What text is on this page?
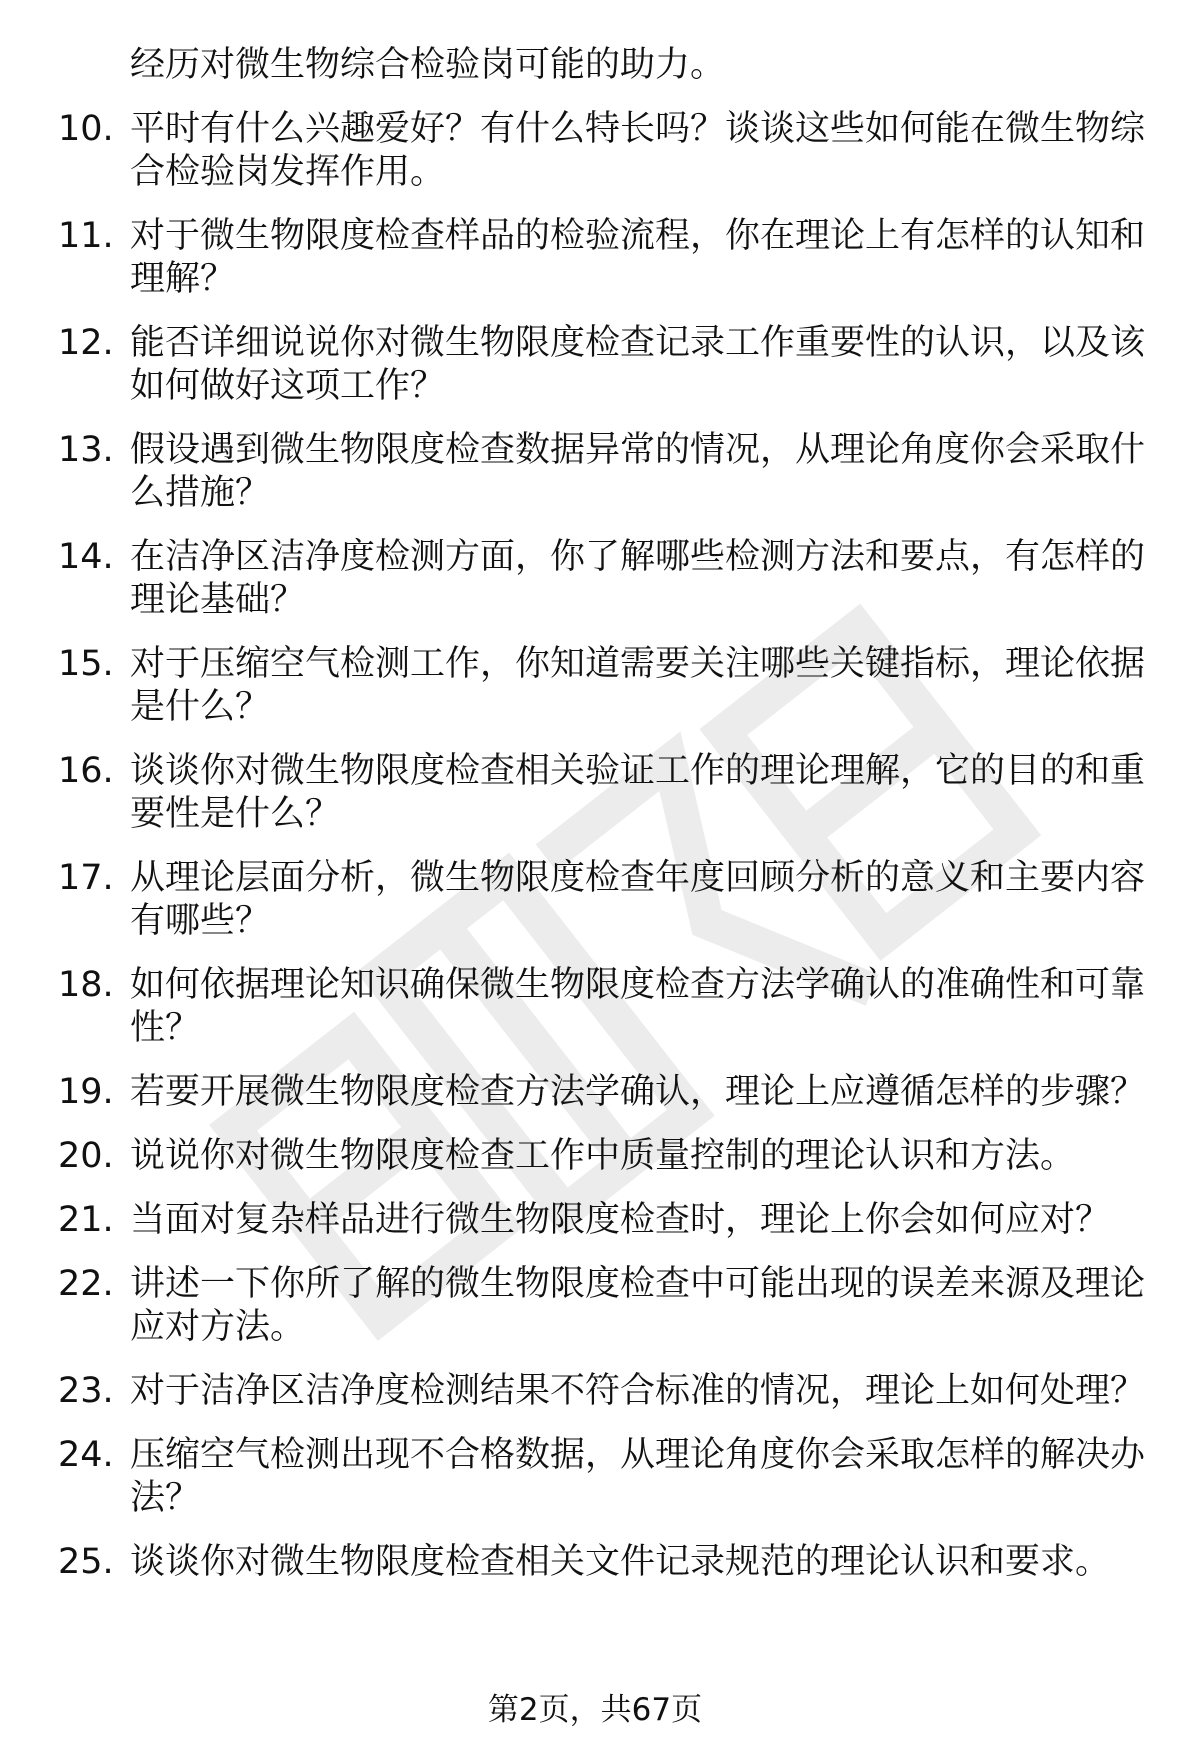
经历对微生物综合检验岗可能的助力。
10. 平时有什么兴趣爱好？有什么特长吗？谈谈这些如何能在微生物综合检验岗发挥作用。
11. 对于微生物限度检查样品的检验流程，你在理论上有怎样的认知和理解？
12. 能否详细说说你对微生物限度检查记录工作重要性的认识，以及该如何做好这项工作？
13. 假设遇到微生物限度检查数据异常的情况，从理论角度你会采取什么措施？
14. 在洁净区洁净度检测方面，你了解哪些检测方法和要点，有怎样的理论基础？
15. 对于压缩空气检测工作，你知道需要关注哪些关键指标，理论依据是什么？
16. 谈谈你对微生物限度检查相关验证工作的理论理解，它的目的和重要性是什么？
17. 从理论层面分析，微生物限度检查年度回顾分析的意义和主要内容有哪些？
18. 如何依据理论知识确保微生物限度检查方法学确认的准确性和可靠性？
19. 若要开展微生物限度检查方法学确认，理论上应遵循怎样的步骤？
20. 说说你对微生物限度检查工作中质量控制的理论认识和方法。
21. 当面对复杂样品进行微生物限度检查时，理论上你会如何应对？
22. 讲述一下你所了解的微生物限度检查中可能出现的误差来源及理论应对方法。
23. 对于洁净区洁净度检测结果不符合标准的情况，理论上如何处理？
24. 压缩空气检测出现不合格数据，从理论角度你会采取怎样的解决办法？
25. 谈谈你对微生物限度检查相关文件记录规范的理论认识和要求。
第2页，共67页
